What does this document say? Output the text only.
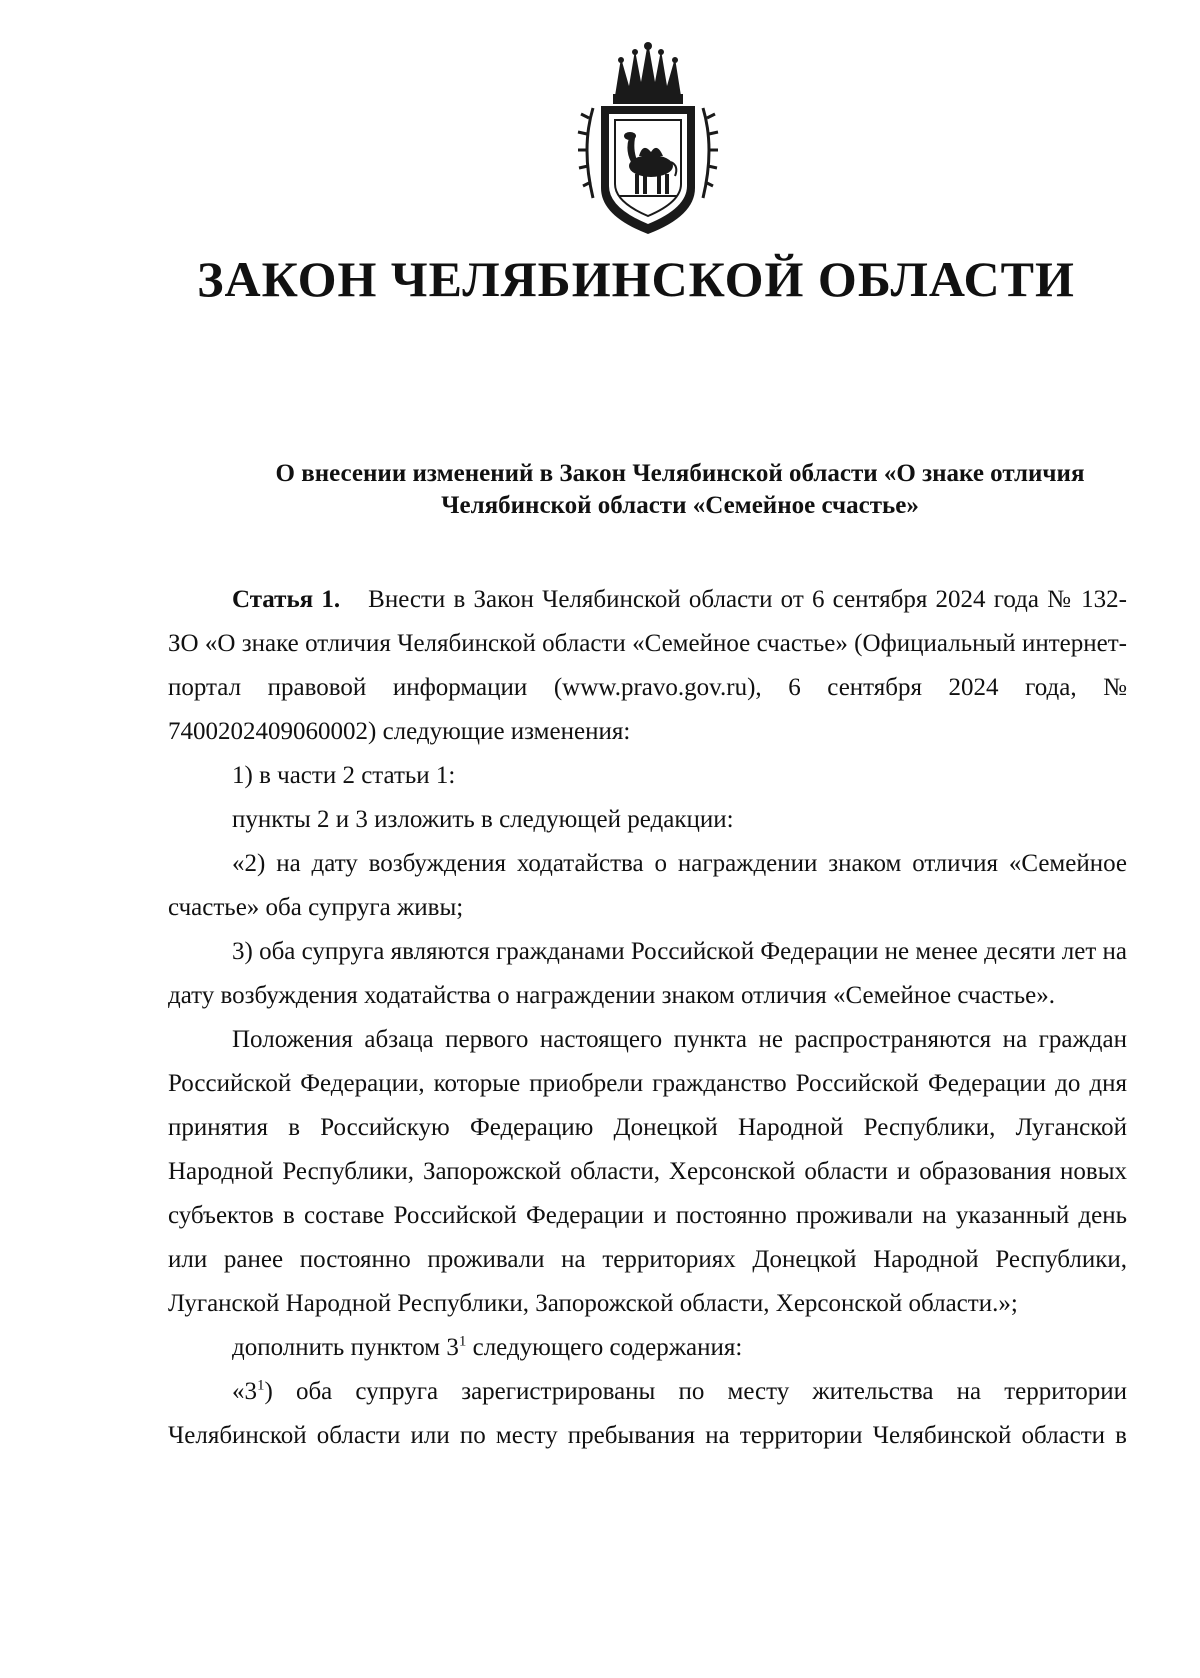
ЗАКОН ЧЕЛЯБИНСКОЙ ОБЛАСТИ
О внесении изменений в Закон Челябинской области «О знаке отличия
Челябинской области «Семейное счастье»

Статья 1. Внести в Закон Челябинской области от 6 сентября 2024 года № 132-ЗО «О знаке отличия Челябинской области «Семейное счастье» (Официальный интернет-портал правовой информации (www.pravo.gov.ru), 6 сентября 2024 года, № 7400202409060002) следующие изменения:

1) в части 2 статьи 1:

пункты 2 и 3 изложить в следующей редакции:

«2) на дату возбуждения ходатайства о награждении знаком отличия «Семейное счастье» оба супруга живы;

3) оба супруга являются гражданами Российской Федерации не менее десяти лет на дату возбуждения ходатайства о награждении знаком отличия «Семейное счастье».

Положения абзаца первого настоящего пункта не распространяются на граждан Российской Федерации, которые приобрели гражданство Российской Федерации до дня принятия в Российскую Федерацию Донецкой Народной Республики, Луганской Народной Республики, Запорожской области, Херсонской области и образования новых субъектов в составе Российской Федерации и постоянно проживали на указанный день или ранее постоянно проживали на территориях Донецкой Народной Республики, Луганской Народной Республики, Запорожской области, Херсонской области.»;

дополнить пунктом $3^1$ следующего содержания:

«$3^1$) оба супруга зарегистрированы по месту жительства на территории Челябинской области или по месту пребывания на территории Челябинской области в
